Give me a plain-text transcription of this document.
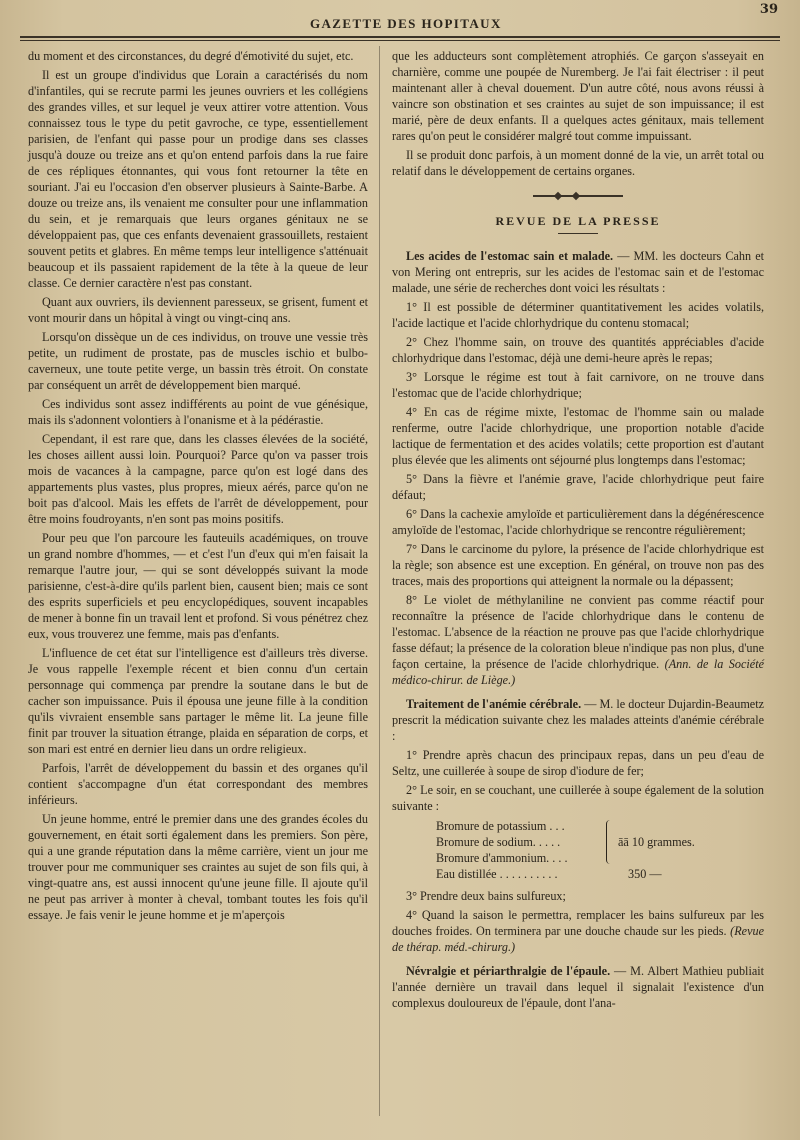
GAZETTE DES HOPITAUX
39

du moment et des circonstances, du degré d'émotivité du sujet, etc.

Il est un groupe d'individus que Lorain a caractérisés du nom d'infantiles, qui se recrute parmi les jeunes ouvriers et les collégiens des grandes villes, et sur lequel je veux attirer votre attention. Vous connaissez tous le type du petit gavroche, ce type, essentiellement parisien, de l'enfant qui passe pour un prodige dans ses classes jusqu'à douze ou treize ans et qu'on entend parfois dans la rue faire de ces répliques étonnantes, qui vous font retourner la tête en souriant. J'ai eu l'occasion d'en observer plusieurs à Sainte-Barbe. A douze ou treize ans, ils venaient me consulter pour une inflammation du sein, et je remarquais que leurs organes génitaux ne se développaient pas, que ces enfants devenaient grassouillets, restaient souvent petits et glabres. En même temps leur intelligence s'atténuait beaucoup et ils passaient rapidement de la tête à la queue de leur classe. Ce dernier caractère n'est pas constant.

Quant aux ouvriers, ils deviennent paresseux, se grisent, fument et vont mourir dans un hôpital à vingt ou vingt-cinq ans.

Lorsqu'on dissèque un de ces individus, on trouve une vessie très petite, un rudiment de prostate, pas de muscles ischio et bulbo-caverneux, une toute petite verge, un bassin très étroit. On constate par conséquent un arrêt de développement bien marqué.

Ces individus sont assez indifférents au point de vue génésique, mais ils s'adonnent volontiers à l'onanisme et à la pédérastie.

Cependant, il est rare que, dans les classes élevées de la société, les choses aillent aussi loin. Pourquoi? Parce qu'on va passer trois mois de vacances à la campagne, parce qu'on est logé dans des appartements plus vastes, plus propres, mieux aérés, parce qu'on ne boit pas d'alcool. Mais les effets de l'arrêt de développement, pour être moins foudroyants, n'en sont pas moins positifs.

Pour peu que l'on parcoure les fauteuils académiques, on trouve un grand nombre d'hommes, — et c'est l'un d'eux qui m'en faisait la remarque l'autre jour, — qui se sont développés suivant la mode parisienne, c'est-à-dire qu'ils parlent bien, causent bien; mais ce sont des esprits superficiels et peu encyclopédiques, souvent incapables de mener à bonne fin un travail lent et profond. Si vous pénétrez chez eux, vous trouverez une femme, mais pas d'enfants.

L'influence de cet état sur l'intelligence est d'ailleurs très diverse. Je vous rappelle l'exemple récent et bien connu d'un certain personnage qui commença par prendre la soutane dans le but de cacher son impuissance. Puis il épousa une jeune fille à la condition qu'ils vivraient ensemble sans partager le même lit. La jeune fille finit par trouver la situation étrange, plaida en séparation de corps, et son mari est entré en dernier lieu dans un ordre religieux.

Parfois, l'arrêt de développement du bassin et des organes qu'il contient s'accompagne d'un état correspondant des membres inférieurs.

Un jeune homme, entré le premier dans une des grandes écoles du gouvernement, en était sorti également dans les premiers. Son père, qui a une grande réputation dans la même carrière, vient un jour me trouver pour me communiquer ses craintes au sujet de son fils qui, à vingt-quatre ans, est aussi innocent qu'une jeune fille. Il ajoute qu'il ne peut pas arriver à monter à cheval, tombant toutes les fois qu'il essaye. Je fais venir le jeune homme et je m'aperçois

que les adducteurs sont complètement atrophiés. Ce garçon s'asseyait en charnière, comme une poupée de Nuremberg. Je l'ai fait électriser : il peut maintenant aller à cheval douement. D'un autre côté, nous avons réussi à vaincre son obstination et ses craintes au sujet de son impuissance; il est marié, père de deux enfants. Il a quelques actes génitaux, mais tellement rares qu'on peut le considérer malgré tout comme impuissant.

Il se produit donc parfois, à un moment donné de la vie, un arrêt total ou relatif dans le développement de certains organes.

REVUE DE LA PRESSE

Les acides de l'estomac sain et malade. — MM. les docteurs Cahn et von Mering ont entrepris, sur les acides de l'estomac sain et de l'estomac malade, une série de recherches dont voici les résultats :

1° Il est possible de déterminer quantitativement les acides volatils, l'acide lactique et l'acide chlorhydrique du contenu stomacal;

2° Chez l'homme sain, on trouve des quantités appréciables d'acide chlorhydrique dans l'estomac, déjà une demi-heure après le repas;

3° Lorsque le régime est tout à fait carnivore, on ne trouve dans l'estomac que de l'acide chlorhydrique;

4° En cas de régime mixte, l'estomac de l'homme sain ou malade renferme, outre l'acide chlorhydrique, une proportion notable d'acide lactique de fermentation et des acides volatils; cette proportion est d'autant plus élevée que les aliments ont séjourné plus longtemps dans l'estomac;

5° Dans la fièvre et l'anémie grave, l'acide chlorhydrique peut faire défaut;

6° Dans la cachexie amyloïde et particulièrement dans la dégénérescence amyloïde de l'estomac, l'acide chlorhydrique se rencontre régulièrement;

7° Dans le carcinome du pylore, la présence de l'acide chlorhydrique est la règle; son absence est une exception. En général, on trouve non pas des traces, mais des proportions qui atteignent la normale ou la dépassent;

8° Le violet de méthylaniline ne convient pas comme réactif pour reconnaître la présence de l'acide chlorhydrique dans le contenu de l'estomac. L'absence de la réaction ne prouve pas que l'acide chlorhydrique fasse défaut; la présence de la coloration bleue n'indique pas non plus, d'une façon certaine, la présence de l'acide chlorhydrique. (Ann. de la Société médico-chirur. de Liège.)

Traitement de l'anémie cérébrale. — M. le docteur Dujardin-Beaumetz prescrit la médication suivante chez les malades atteints d'anémie cérébrale :

1° Prendre après chacun des principaux repas, dans un peu d'eau de Seltz, une cuillerée à soupe de sirop d'iodure de fer;

2° Le soir, en se couchant, une cuillerée à soupe également de la solution suivante :

Bromure de potassium . . .
Bromure de sodium. . . . .	āā 10 grammes.
Bromure d'ammonium. . . .
Eau distillée . . . . . . . . . .	350 —

3° Prendre deux bains sulfureux;

4° Quand la saison le permettra, remplacer les bains sulfureux par les douches froides. On terminera par une douche chaude sur les pieds. (Revue de thérap. méd.-chirurg.)

Névralgie et périarthralgie de l'épaule. — M. Albert Mathieu publiait l'année dernière un travail dans lequel il signalait l'existence d'un complexus douloureux de l'épaule, dont l'ana-
